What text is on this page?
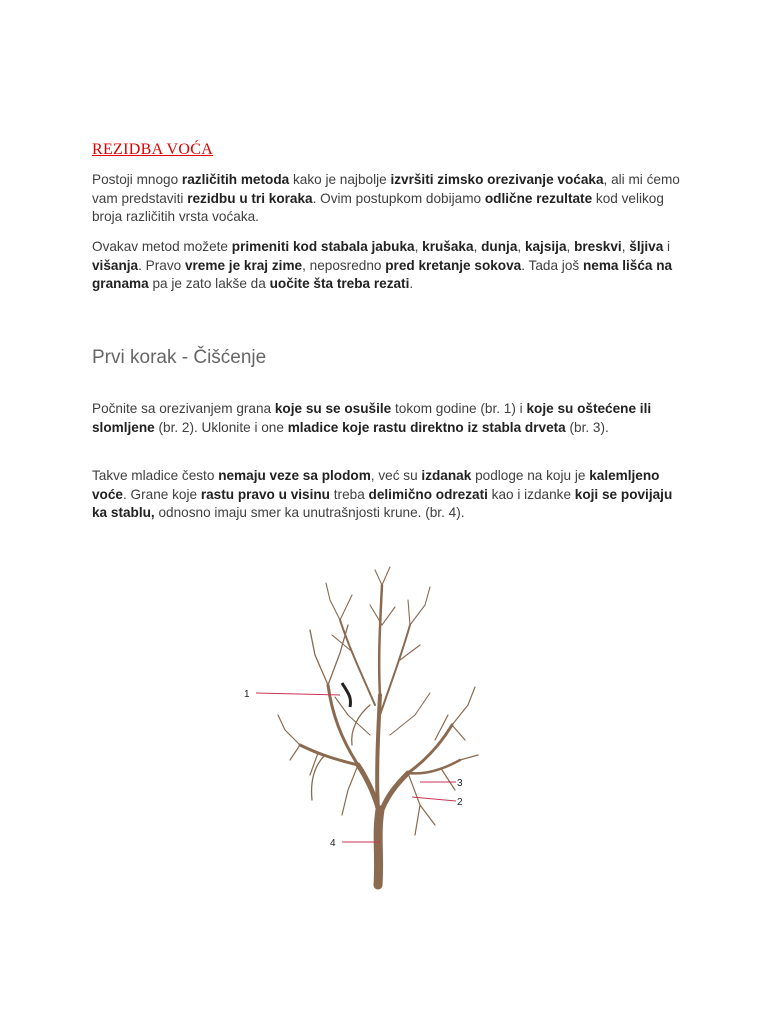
REZIDBA VOĆA
Postoji mnogo različitih metoda kako je najbolje izvršiti zimsko orezivanje voćaka, ali mi ćemo vam predstaviti rezidbu u tri koraka. Ovim postupkom dobijamo odlične rezultate kod velikog broja različitih vrsta voćaka.
Ovakav metod možete primeniti kod stabala jabuka, krušaka, dunja, kajsija, breskvi, šljiva i višanja. Pravo vreme je kraj zime, neposredno pred kretanje sokova. Tada još nema lišća na granama pa je zato lakše da uočite šta treba rezati.
Prvi korak - Čišćenje
Počnite sa orezivanjem grana koje su se osušile tokom godine (br. 1) i koje su oštećene ili slomljene (br. 2). Uklonite i one mladice koje rastu direktno iz stabla drveta (br. 3).
Takve mladice često nemaju veze sa plodom, već su izdanak podloge na koju je kalemljeno voće. Grane koje rastu pravo u visinu treba delimično odrezati kao i izdanke koji se povijaju ka stablu, odnosno imaju smer ka unutrašnjosti krune. (br. 4).
1
3
2
4
